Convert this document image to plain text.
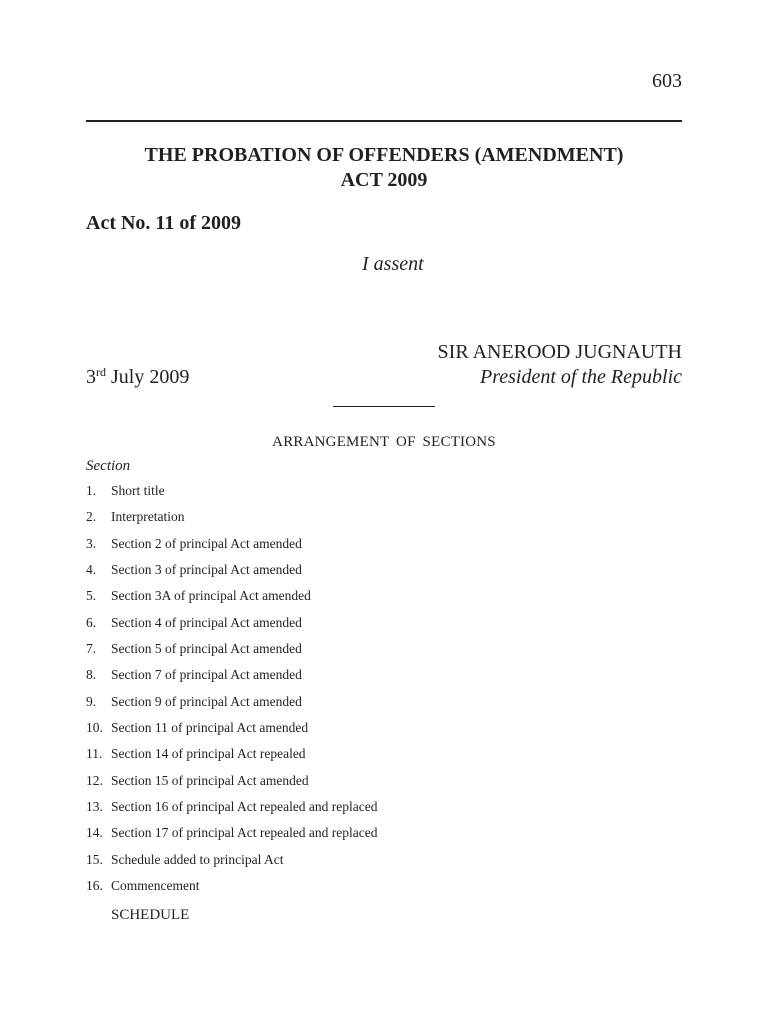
603
THE PROBATION OF OFFENDERS (AMENDMENT)
ACT 2009
Act No. 11 of 2009
I assent
SIR ANEROOD JUGNAUTH
President of the Republic
3rd July 2009
ARRANGEMENT OF SECTIONS
Section
1. Short title
2. Interpretation
3. Section 2 of principal Act amended
4. Section 3 of principal Act amended
5. Section 3A of principal Act amended
6. Section 4 of principal Act amended
7. Section 5 of principal Act amended
8. Section 7 of principal Act amended
9. Section 9 of principal Act amended
10. Section 11 of principal Act amended
11. Section 14 of principal Act repealed
12. Section 15 of principal Act amended
13. Section 16 of principal Act repealed and replaced
14. Section 17 of principal Act repealed and replaced
15. Schedule added to principal Act
16. Commencement
SCHEDULE
